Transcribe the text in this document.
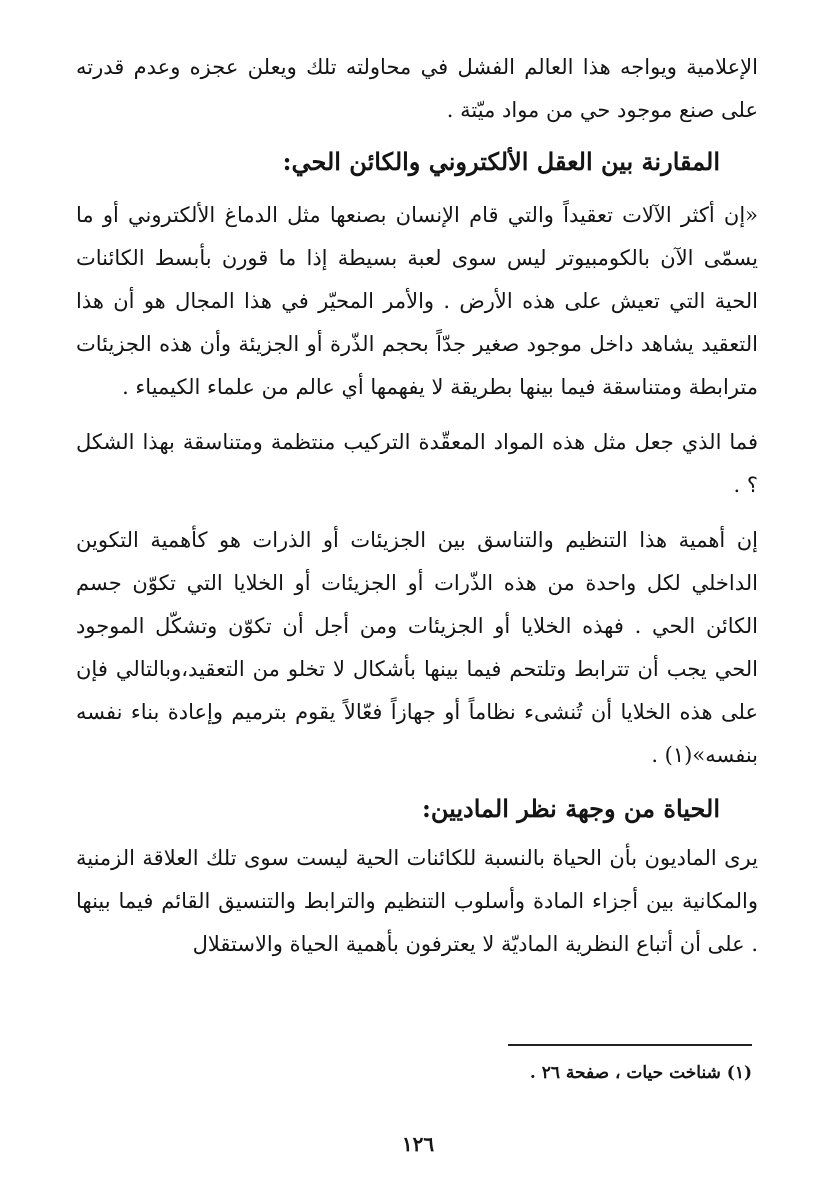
الإعلامية ويواجه هذا العالم الفشل في محاولته تلك ويعلن عجزه وعدم قدرته على صنع موجود حي من مواد ميّتة .

المقارنة بين العقل الألكتروني والكائن الحي:

«إن أكثر الآلات تعقيداً والتي قام الإنسان بصنعها مثل الدماغ الألكتروني أو ما يسمّى الآن بالكومبيوتر ليس سوى لعبة بسيطة إذا ما قورن بأبسط الكائنات الحية التي تعيش على هذه الأرض . والأمر المحيّر في هذا المجال هو أن هذا التعقيد يشاهد داخل موجود صغير جدّاً بحجم الذّرة أو الجزيئة وأن هذه الجزيئات مترابطة ومتناسقة فيما بينها بطريقة لا يفهمها أي عالم من علماء الكيمياء .

فما الذي جعل مثل هذه المواد المعقّدة التركيب منتظمة ومتناسقة بهذا الشكل ؟ .

إن أهمية هذا التنظيم والتناسق بين الجزيئات أو الذرات هو كأهمية التكوين الداخلي لكل واحدة من هذه الذّرات أو الجزيئات أو الخلايا التي تكوّن جسم الكائن الحي . فهذه الخلايا أو الجزيئات ومن أجل أن تكوّن وتشكّل الموجود الحي يجب أن تترابط وتلتحم فيما بينها بأشكال لا تخلو من التعقيد،وبالتالي فإن على هذه الخلايا أن تُنشىء نظاماً أو جهازاً فعّالاً يقوم بترميم وإعادة بناء نفسه بنفسه»(١) .

الحياة من وجهة نظر الماديين:

يرى الماديون بأن الحياة بالنسبة للكائنات الحية ليست سوى تلك العلاقة الزمنية والمكانية بين أجزاء المادة وأسلوب التنظيم والترابط والتنسيق القائم فيما بينها . على أن أتباع النظرية الماديّة لا يعترفون بأهمية الحياة والاستقلال

(١) شناخت حيات ، صفحة ٢٦ .
١٢٦
